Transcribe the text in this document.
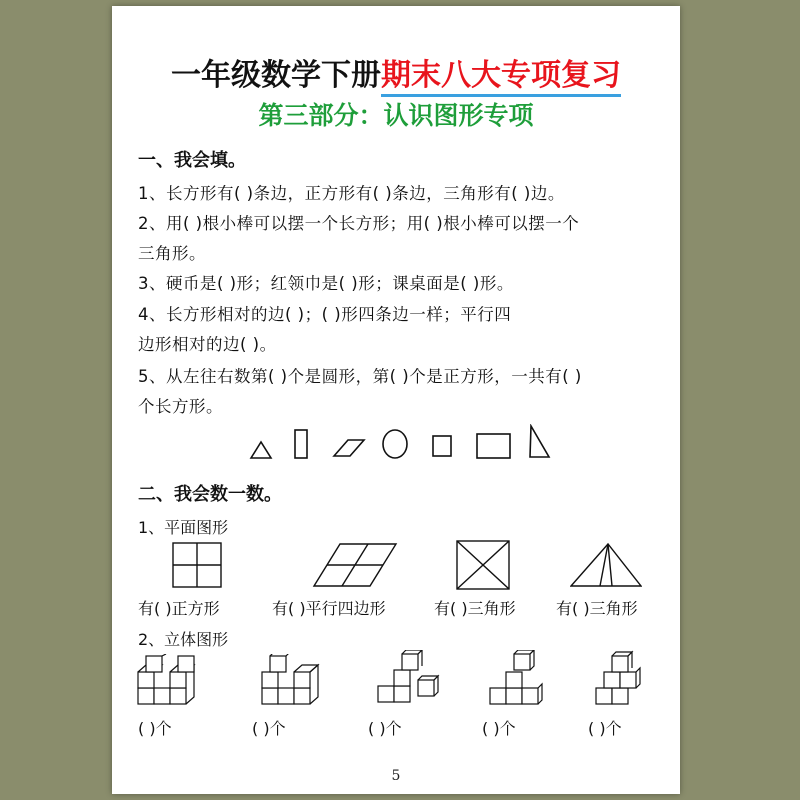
一年级数学下册期末八大专项复习
第三部分：认识图形专项
一、我会填。
1、长方形有( )条边，正方形有( )条边，三角形有( )边。
2、用( )根小棒可以摆一个长方形；用( )根小棒可以摆一个
三角形。
3、硬币是( )形；红领巾是( )形；课桌面是( )形。
4、长方形相对的边( )；( )形四条边一样；平行四
边形相对的边( )。
5、从左往右数第( )个是圆形，第( )个是正方形，一共有( )
个长方形。
二、我会数一数。
1、平面图形
有( )正方形	有( )平行四边形	有( )三角形	有( )三角形
2、立体图形
( )个	( )个	( )个	( )个	( )个
5
